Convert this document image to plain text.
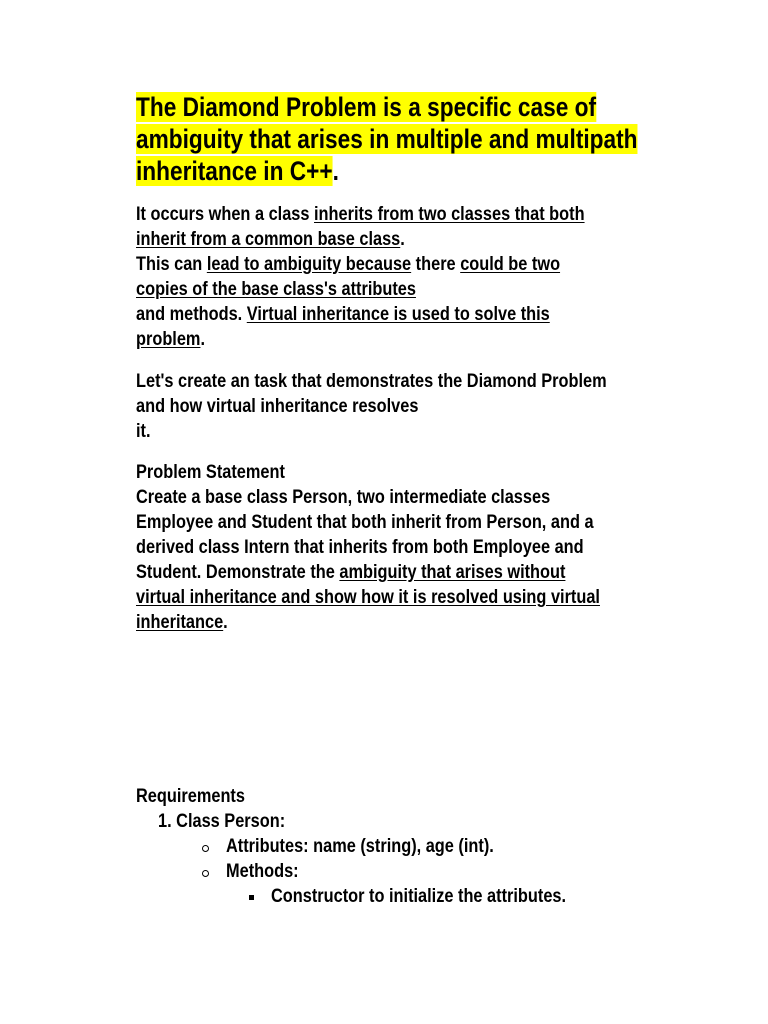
The Diamond Problem is a specific case of
ambiguity that arises in multiple and multipath
inheritance in C++.
It occurs when a class inherits from two classes that both
inherit from a common base class.
This can lead to ambiguity because there could be two
copies of the base class's attributes
and methods. Virtual inheritance is used to solve this
problem.
Let's create an task that demonstrates the Diamond Problem
and how virtual inheritance resolves
it.
Problem Statement
Create a base class Person, two intermediate classes
Employee and Student that both inherit from Person, and a
derived class Intern that inherits from both Employee and
Student. Demonstrate the ambiguity that arises without
virtual inheritance and show how it is resolved using virtual
inheritance.
Requirements
1. Class Person:
Attributes: name (string), age (int).
Methods:
Constructor to initialize the attributes.
